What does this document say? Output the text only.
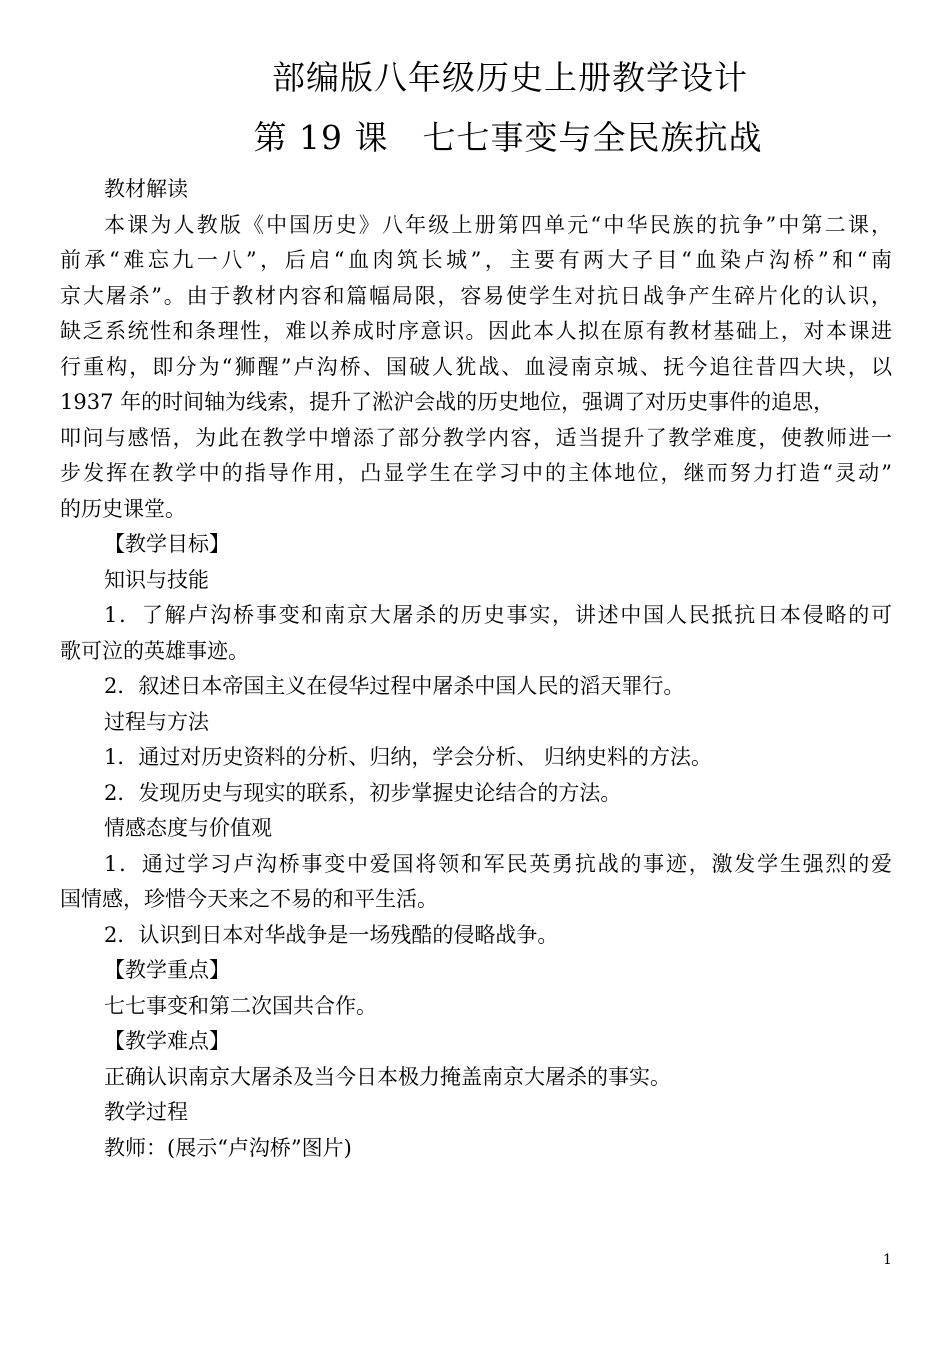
部编版八年级历史上册教学设计
第 19 课　七七事变与全民族抗战
教材解读
本课为人教版《中国历史》八年级上册第四单元“中华民族的抗争”中第二课，
前承“难忘九一八”，后启“血肉筑长城”，主要有两大子目“血染卢沟桥”和“南
京大屠杀”。由于教材内容和篇幅局限，容易使学生对抗日战争产生碎片化的认识，
缺乏系统性和条理性，难以养成时序意识。因此本人拟在原有教材基础上，对本课进
行重构，即分为“狮醒”卢沟桥、国破人犹战、血浸南京城、抚今追往昔四大块，以
1937 年的时间轴为线索，提升了淞沪会战的历史地位，强调了对历史事件的追思，
叩问与感悟，为此在教学中增添了部分教学内容，适当提升了教学难度，使教师进一
步发挥在教学中的指导作用，凸显学生在学习中的主体地位，继而努力打造“灵动”
的历史课堂。
【教学目标】
知识与技能
1．了解卢沟桥事变和南京大屠杀的历史事实，讲述中国人民抵抗日本侵略的可
歌可泣的英雄事迹。
2．叙述日本帝国主义在侵华过程中屠杀中国人民的滔天罪行。
过程与方法
1．通过对历史资料的分析、归纳，学会分析、 归纳史料的方法。
2．发现历史与现实的联系，初步掌握史论结合的方法。
情感态度与价值观
1．通过学习卢沟桥事变中爱国将领和军民英勇抗战的事迹，激发学生强烈的爱
国情感，珍惜今天来之不易的和平生活。
2．认识到日本对华战争是一场残酷的侵略战争。
【教学重点】
七七事变和第二次国共合作。
【教学难点】
正确认识南京大屠杀及当今日本极力掩盖南京大屠杀的事实。
教学过程
教师：(展示“卢沟桥”图片)
1
